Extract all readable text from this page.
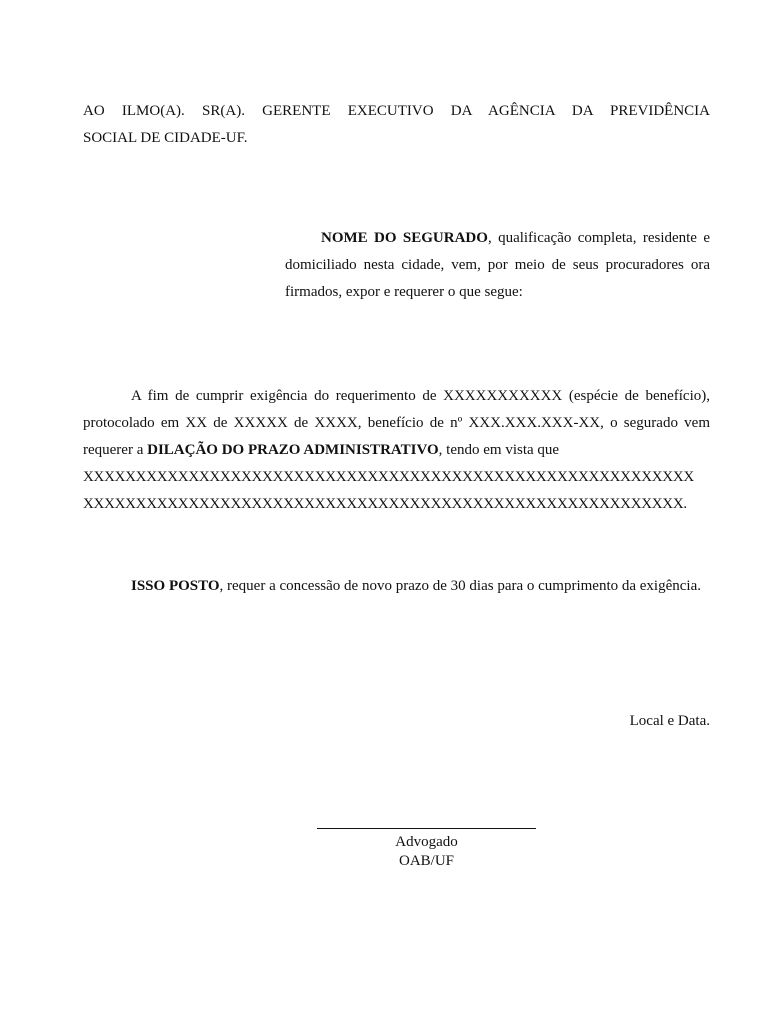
AO ILMO(A). SR(A). GERENTE EXECUTIVO DA AGÊNCIA DA PREVIDÊNCIA
SOCIAL DE CIDADE-UF.
NOME DO SEGURADO, qualificação completa, residente e domiciliado nesta cidade, vem, por meio de seus procuradores ora firmados, expor e requerer o que segue:
A fim de cumprir exigência do requerimento de XXXXXXXXXXX (espécie de benefício), protocolado em XX de XXXXX de XXXX, benefício de nº XXX.XXX.XXX-XX, o segurado vem requerer a DILAÇÃO DO PRAZO ADMINISTRATIVO, tendo em vista que
XXXXXXXXXXXXXXXXXXXXXXXXXXXXXXXXXXXXXXXXXXXXXXXXXXXXXXXXXX
XXXXXXXXXXXXXXXXXXXXXXXXXXXXXXXXXXXXXXXXXXXXXXXXXXXXXXXXX.
ISSO POSTO, requer a concessão de novo prazo de 30 dias para o cumprimento da exigência.
Local e Data.
Advogado
OAB/UF
